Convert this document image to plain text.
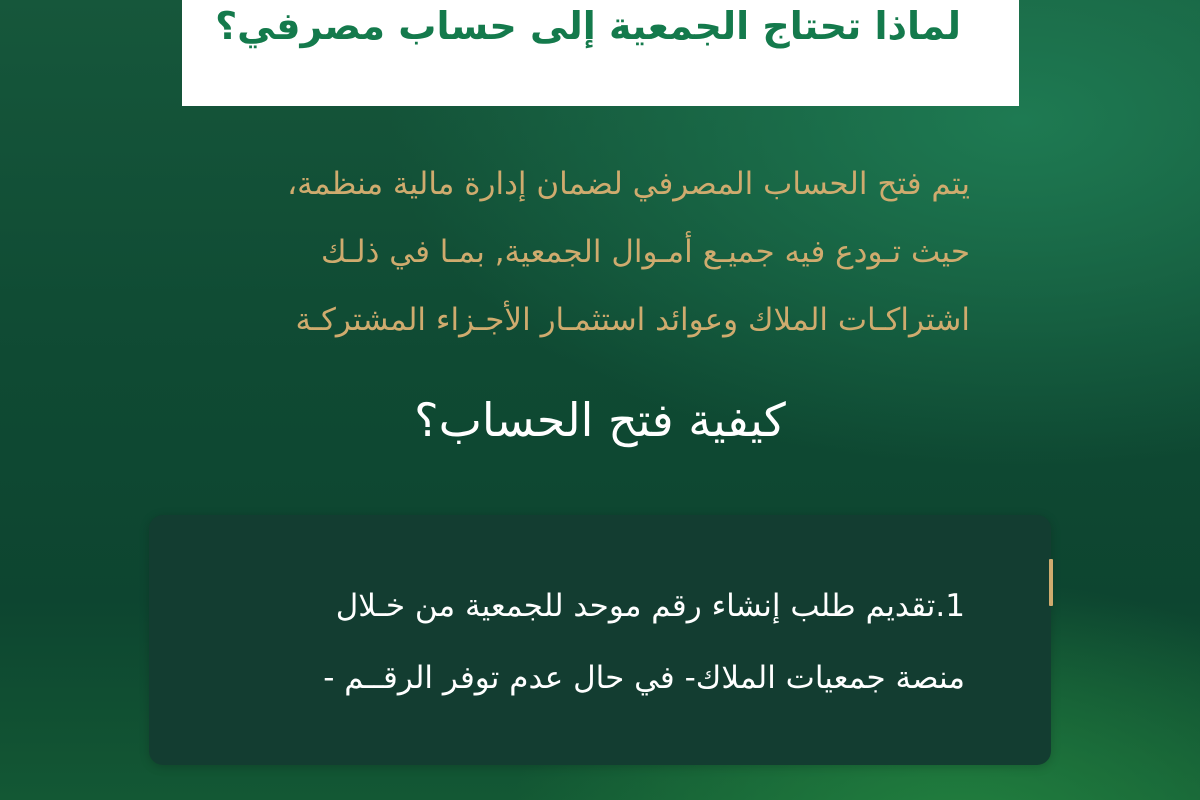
لماذا تحتاج الجمعية إلى حساب مصرفي؟
يتم فتح الحساب المصرفي لضمان إدارة مالية منظمة،
حيث تـودع فيه جميـع أمـوال الجمعية, بمـا في ذلـك
اشتراكـات الملاك وعوائد استثمـار الأجـزاء المشتركـة
كيفية فتح الحساب؟
1.تقديم طلب إنشاء رقم موحد للجمعية من خـلال
منصة جمعيات الملاك- في حال عدم توفر الرقــم -
